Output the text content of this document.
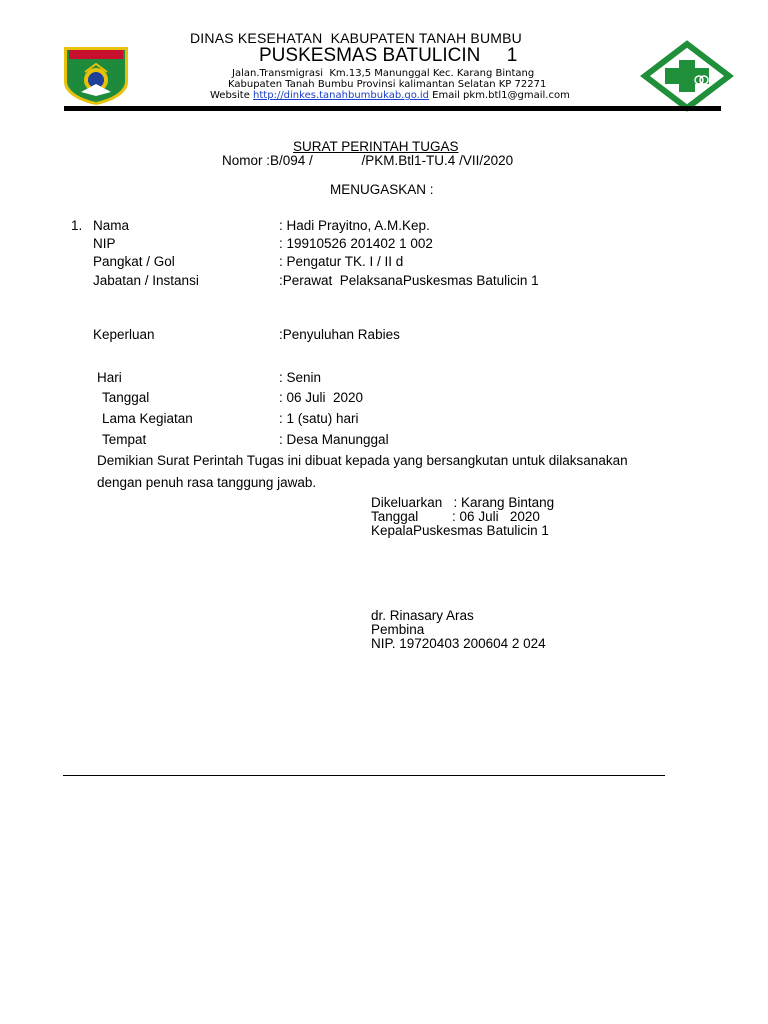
TANAH BUMBU

	DINAS KESEHATAN  KABUPATEN TANAH BUMBU
PUSKESMAS BATULICIN     1
Jalan.Transmigrasi  Km.13,5 Manunggal Kec. Karang Bintang
Kabupaten Tanah Bumbu Provinsi kalimantan Selatan KP 72271
Website http://dinkes.tanahbumbukab.go.id Email pkm.btl1@gmail.com
SURAT PERINTAH TUGAS
Nomor :B/094 /             /PKM.Btl1-TU.4 /VII/2020
MENUGASKAN :
1. Nama	: Hadi Prayitno, A.M.Kep.
NIP	: 19910526 201402 1 002
Pangkat / Gol	: Pengatur TK. I / II d
Jabatan / Instansi	:Perawat  PelaksanaPuskesmas Batulicin 1
Keperluan	:Penyuluhan Rabies
Hari	: Senin
Tanggal	: 06 Juli  2020
Lama Kegiatan	: 1 (satu) hari
Tempat	: Desa Manunggal
Demikian Surat Perintah Tugas ini dibuat kepada yang bersangkutan untuk dilaksanakan
dengan penuh rasa tanggung jawab.
Dikeluarkan   : Karang Bintang
Tanggal         : 06 Juli   2020
KepalaPuskesmas Batulicin 1
dr. Rinasary Aras
Pembina
NIP. 19720403 200604 2 024
